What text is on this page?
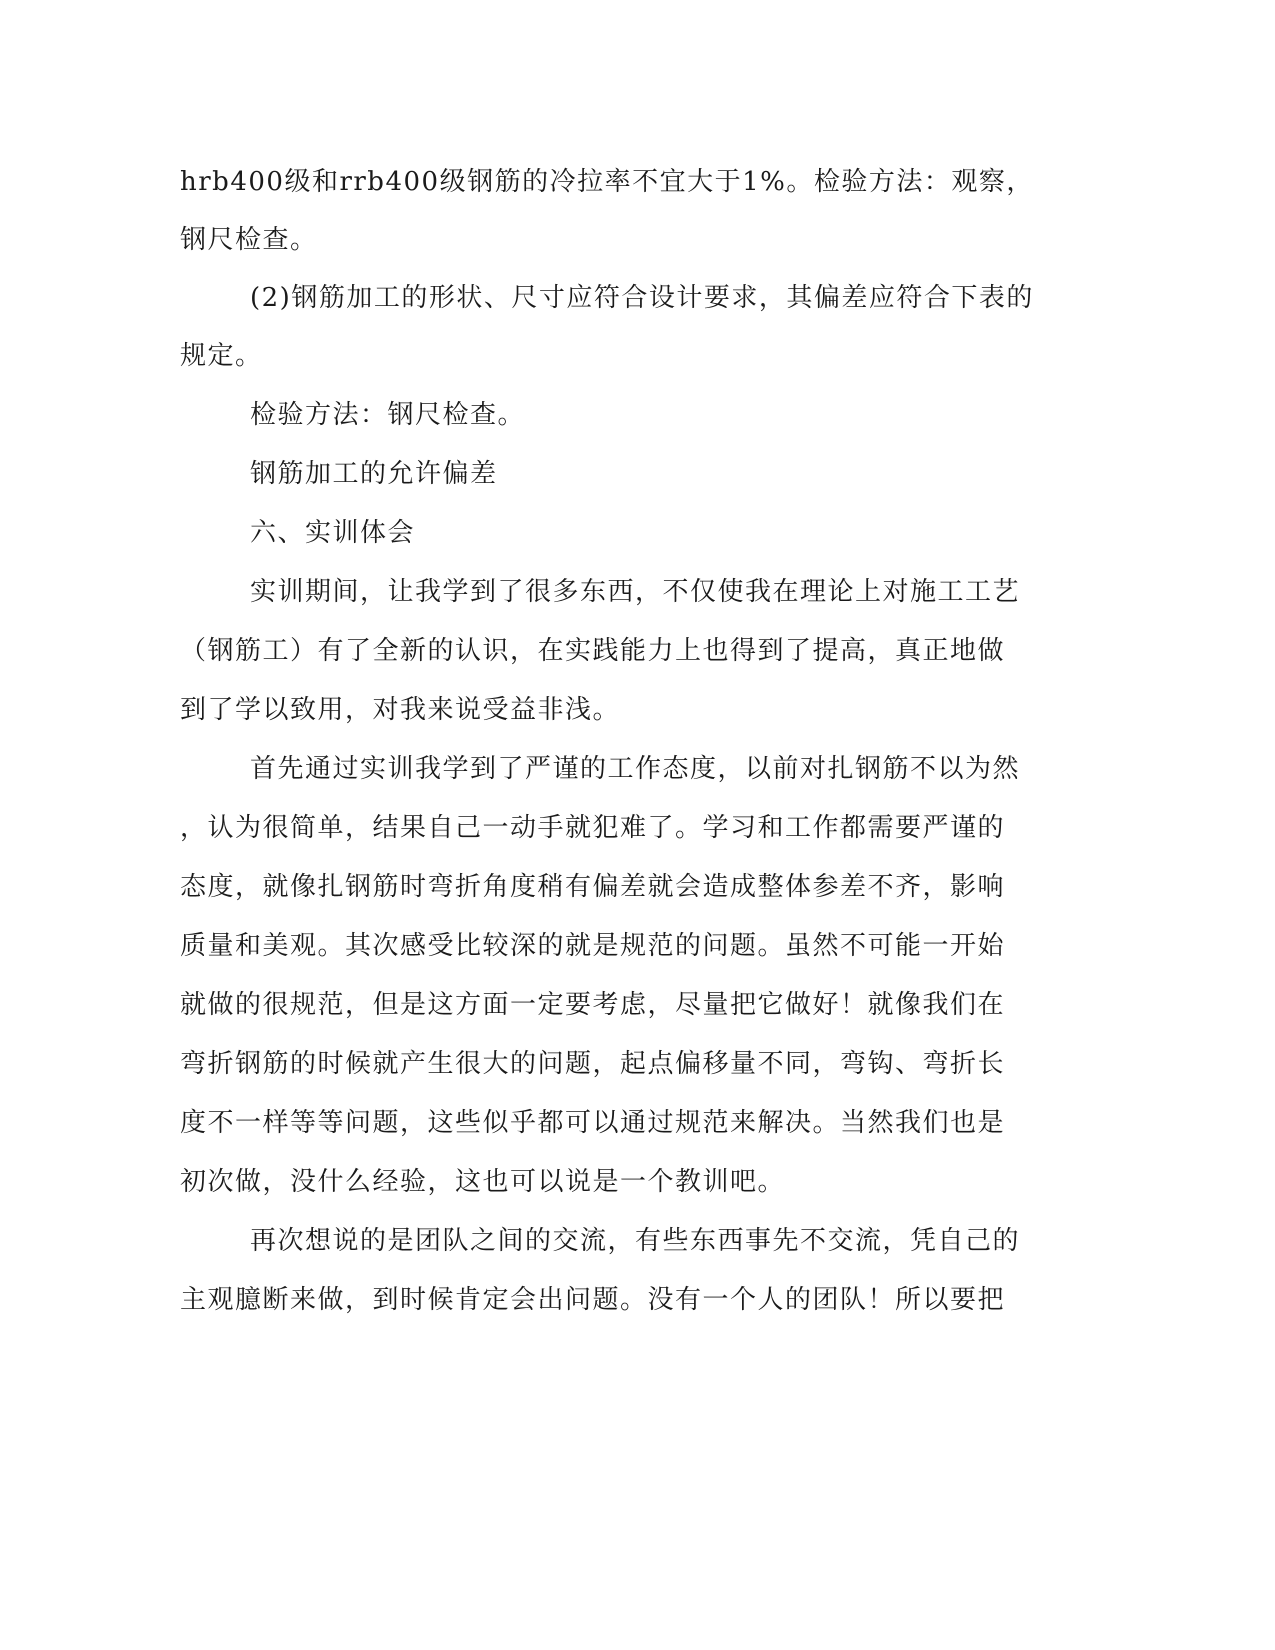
hrb400级和rrb400级钢筋的冷拉率不宜大于1%。检验方法：观察，
钢尺检查。
(2)钢筋加工的形状、尺寸应符合设计要求，其偏差应符合下表的
规定。
检验方法：钢尺检查。
钢筋加工的允许偏差
六、实训体会
实训期间，让我学到了很多东西，不仅使我在理论上对施工工艺
（钢筋工）有了全新的认识，在实践能力上也得到了提高，真正地做
到了学以致用，对我来说受益非浅。
首先通过实训我学到了严谨的工作态度，以前对扎钢筋不以为然
，认为很简单，结果自己一动手就犯难了。学习和工作都需要严谨的
态度，就像扎钢筋时弯折角度稍有偏差就会造成整体参差不齐，影响
质量和美观。其次感受比较深的就是规范的问题。虽然不可能一开始
就做的很规范，但是这方面一定要考虑，尽量把它做好！就像我们在
弯折钢筋的时候就产生很大的问题，起点偏移量不同，弯钩、弯折长
度不一样等等问题，这些似乎都可以通过规范来解决。当然我们也是
初次做，没什么经验，这也可以说是一个教训吧。
再次想说的是团队之间的交流，有些东西事先不交流，凭自己的
主观臆断来做，到时候肯定会出问题。没有一个人的团队！所以要把
